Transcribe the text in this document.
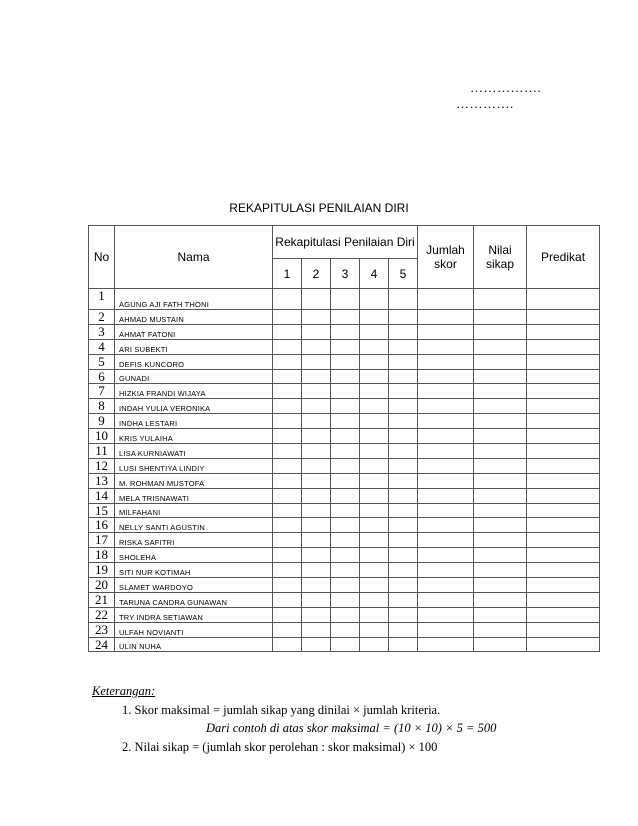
…………….
………….
REKAPITULASI PENILAIAN DIRI
No	Nama	Rekapitulasi Penilaian Diri					Jumlah skor	Nilai sikap	Predikat
		1	2	3	4	5			
1	AGUNG AJI FATH THONI								
2	AHMAD MUSTAIN								
3	AHMAT FATONI								
4	ARI SUBEKTI								
5	DEFIS KUNCORO								
6	GUNADI								
7	HIZKIA FRANDI WIJAYA								
8	INDAH YULIA VERONIKA								
9	INDHA LESTARI								
10	KRIS YULAIHA								
11	LISA KURNIAWATI								
12	LUSI SHENTIYA LINDIY								
13	M. ROHMAN MUSTOFA								
14	MELA TRISNAWATI								
15	MILFAHANI								
16	NELLY SANTI AGUSTIN								
17	RISKA SAFITRI								
18	SHOLEHA								
19	SITI NUR KOTIMAH								
20	SLAMET WARDOYO								
21	TARUNA CANDRA GUNAWAN								
22	TRY INDRA SETIAWAN								
23	ULFAH NOVIANTI								
24	ULIN NUHA								
Keterangan:
1. Skor maksimal = jumlah sikap yang dinilai × jumlah kriteria.
Dari contoh di atas skor maksimal = (10 × 10) × 5 = 500
2. Nilai sikap = (jumlah skor perolehan : skor maksimal) × 100
